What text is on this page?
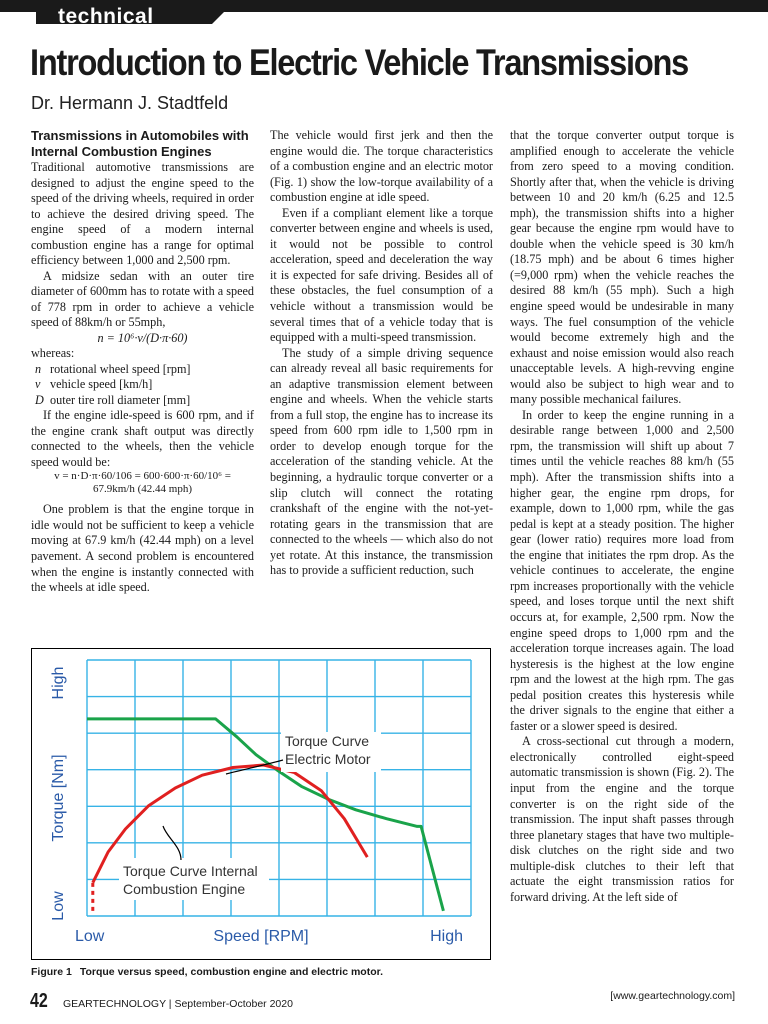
technical
Introduction to Electric Vehicle Transmissions
Dr. Hermann J. Stadtfeld
Transmissions in Automobiles with Internal Combustion Engines

Traditional automotive transmissions are designed to adjust the engine speed to the speed of the driving wheels, required in order to achieve the desired driving speed. The engine speed of a modern internal combustion engine has a range for optimal efficiency between 1,000 and 2,500 rpm.

A midsize sedan with an outer tire diameter of 600mm has to rotate with a speed of 778 rpm in order to achieve a vehicle speed of 88km/h or 55mph,

n = 10⁶·v/(D·π·60)
whereas:
n rotational wheel speed [rpm]
v vehicle speed [km/h]
D outer tire roll diameter [mm]

If the engine idle-speed is 600 rpm, and if the engine crank shaft output was directly connected to the wheels, then the vehicle speed would be:

v = n·D·π·60/106 = 600·600·π·60/10⁶ =
67.9km/h (42.44 mph)

One problem is that the engine torque in idle would not be sufficient to keep a vehicle moving at 67.9 km/h (42.44 mph) on a level pavement. A second problem is encountered when the engine is instantly connected with the wheels at idle speed.

The vehicle would first jerk and then the engine would die. The torque characteristics of a combustion engine and an electric motor (Fig. 1) show the low-torque availability of a combustion engine at idle speed.

Even if a compliant element like a torque converter between engine and wheels is used, it would not be possible to control acceleration, speed and deceleration the way it is expected for safe driving. Besides all of these obstacles, the fuel consumption of a vehicle without a transmission would be several times that of a vehicle today that is equipped with a multi-speed transmission.

The study of a simple driving sequence can already reveal all basic requirements for an adaptive transmission element between engine and wheels. When the vehicle starts from a full stop, the engine has to increase its speed from 600 rpm idle to 1,500 rpm in order to develop enough torque for the acceleration of the standing vehicle. At the beginning, a hydraulic torque converter or a slip clutch will connect the rotating crankshaft of the engine with the not-yet-rotating gears in the transmission that are connected to the wheels — which also do not yet rotate. At this instance, the transmission has to provide a sufficient reduction, such

that the torque converter output torque is amplified enough to accelerate the vehicle from zero speed to a moving condition. Shortly after that, when the vehicle is driving between 10 and 20 km/h (6.25 and 12.5 mph), the transmission shifts into a higher gear because the engine rpm would have to double when the vehicle speed is 30 km/h (18.75 mph) and be about 6 times higher (=9,000 rpm) when the vehicle reaches the desired 88 km/h (55 mph). Such a high engine speed would be undesirable in many ways. The fuel consumption of the vehicle would become extremely high and the exhaust and noise emission would also reach unacceptable levels. A high-revving engine would also be subject to high wear and to many possible mechanical failures.

In order to keep the engine running in a desirable range between 1,000 and 2,500 rpm, the transmission will shift up about 7 times until the vehicle reaches 88 km/h (55 mph). After the transmission shifts into a higher gear, the engine rpm drops, for example, down to 1,000 rpm, while the gas pedal is kept at a steady position. The higher gear (lower ratio) requires more load from the engine that initiates the rpm drop. As the vehicle continues to accelerate, the engine rpm increases proportionally with the vehicle speed, and loses torque until the next shift occurs at, for example, 2,500 rpm. Now the engine speed drops to 1,000 rpm and the acceleration torque increases again. The load hysteresis is the highest at the low engine rpm and the lowest at the high rpm. The gas pedal position creates this hysteresis while the driver signals to the engine that either a faster or a slower speed is desired.

A cross-sectional cut through a modern, electronically controlled eight-speed automatic transmission is shown (Fig. 2). The input from the engine and the torque converter is on the right side of the transmission. The input shaft passes through three planetary stages that have two multiple-disk clutches on the right side and two multiple-disk clutches to their left that actuate the eight transmission ratios for forward driving. At the left side of

High
Torque [Nm]
Low
Low	Speed [RPM]	High
Torque Curve
Electric Motor
Torque Curve Internal
Combustion Engine
Figure 1 Torque versus speed, combustion engine and electric motor.
42 GEARTECHNOLOGY | September-October 2020
[www.geartechnology.com]
